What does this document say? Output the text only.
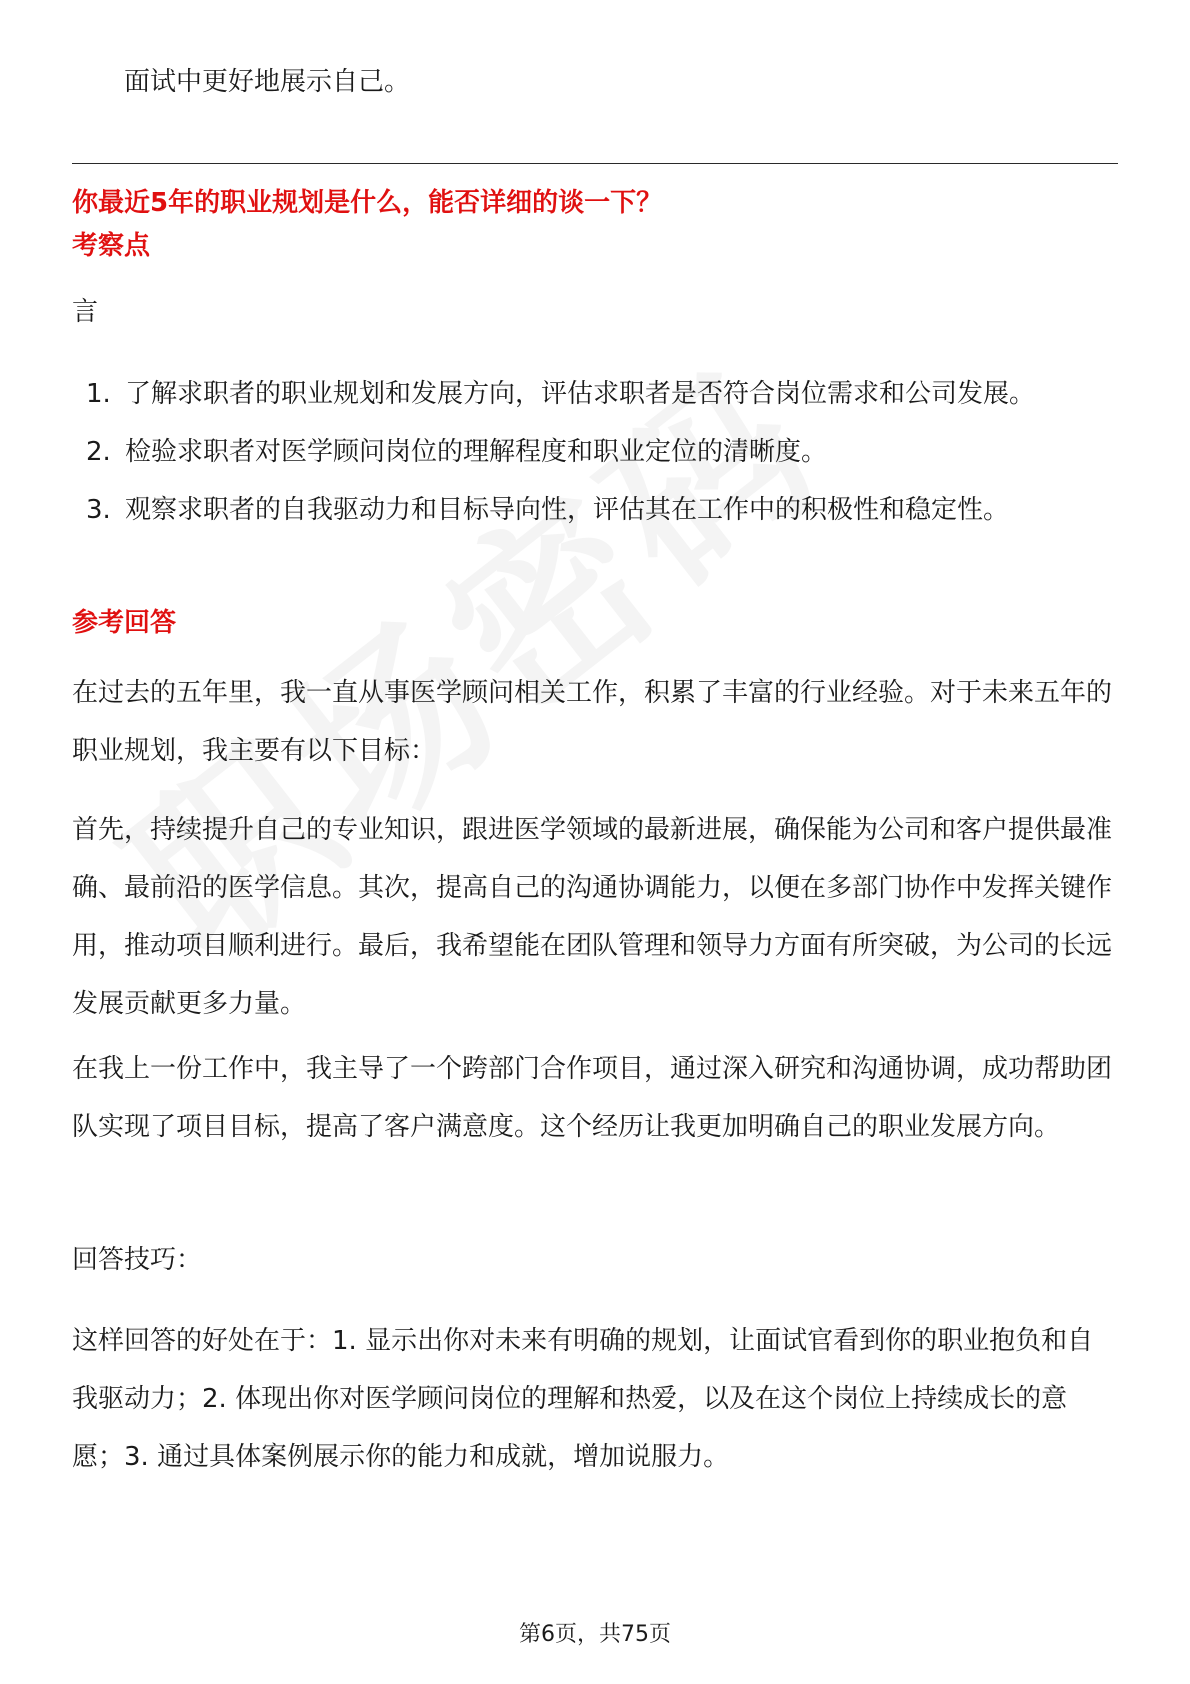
面试中更好地展示自己。
你最近5年的职业规划是什么，能否详细的谈一下？
考察点
言
1. 了解求职者的职业规划和发展方向，评估求职者是否符合岗位需求和公司发展。
2. 检验求职者对医学顾问岗位的理解程度和职业定位的清晰度。
3. 观察求职者的自我驱动力和目标导向性，评估其在工作中的积极性和稳定性。
参考回答
在过去的五年里，我一直从事医学顾问相关工作，积累了丰富的行业经验。对于未来五年的职业规划，我主要有以下目标：
首先，持续提升自己的专业知识，跟进医学领域的最新进展，确保能为公司和客户提供最准确、最前沿的医学信息。其次，提高自己的沟通协调能力，以便在多部门协作中发挥关键作用，推动项目顺利进行。最后，我希望能在团队管理和领导力方面有所突破，为公司的长远发展贡献更多力量。
在我上一份工作中，我主导了一个跨部门合作项目，通过深入研究和沟通协调，成功帮助团队实现了项目目标，提高了客户满意度。这个经历让我更加明确自己的职业发展方向。
回答技巧：
这样回答的好处在于：1. 显示出你对未来有明确的规划，让面试官看到你的职业抱负和自我驱动力；2. 体现出你对医学顾问岗位的理解和热爱，以及在这个岗位上持续成长的意愿；3. 通过具体案例展示你的能力和成就，增加说服力。
第6页，共75页
